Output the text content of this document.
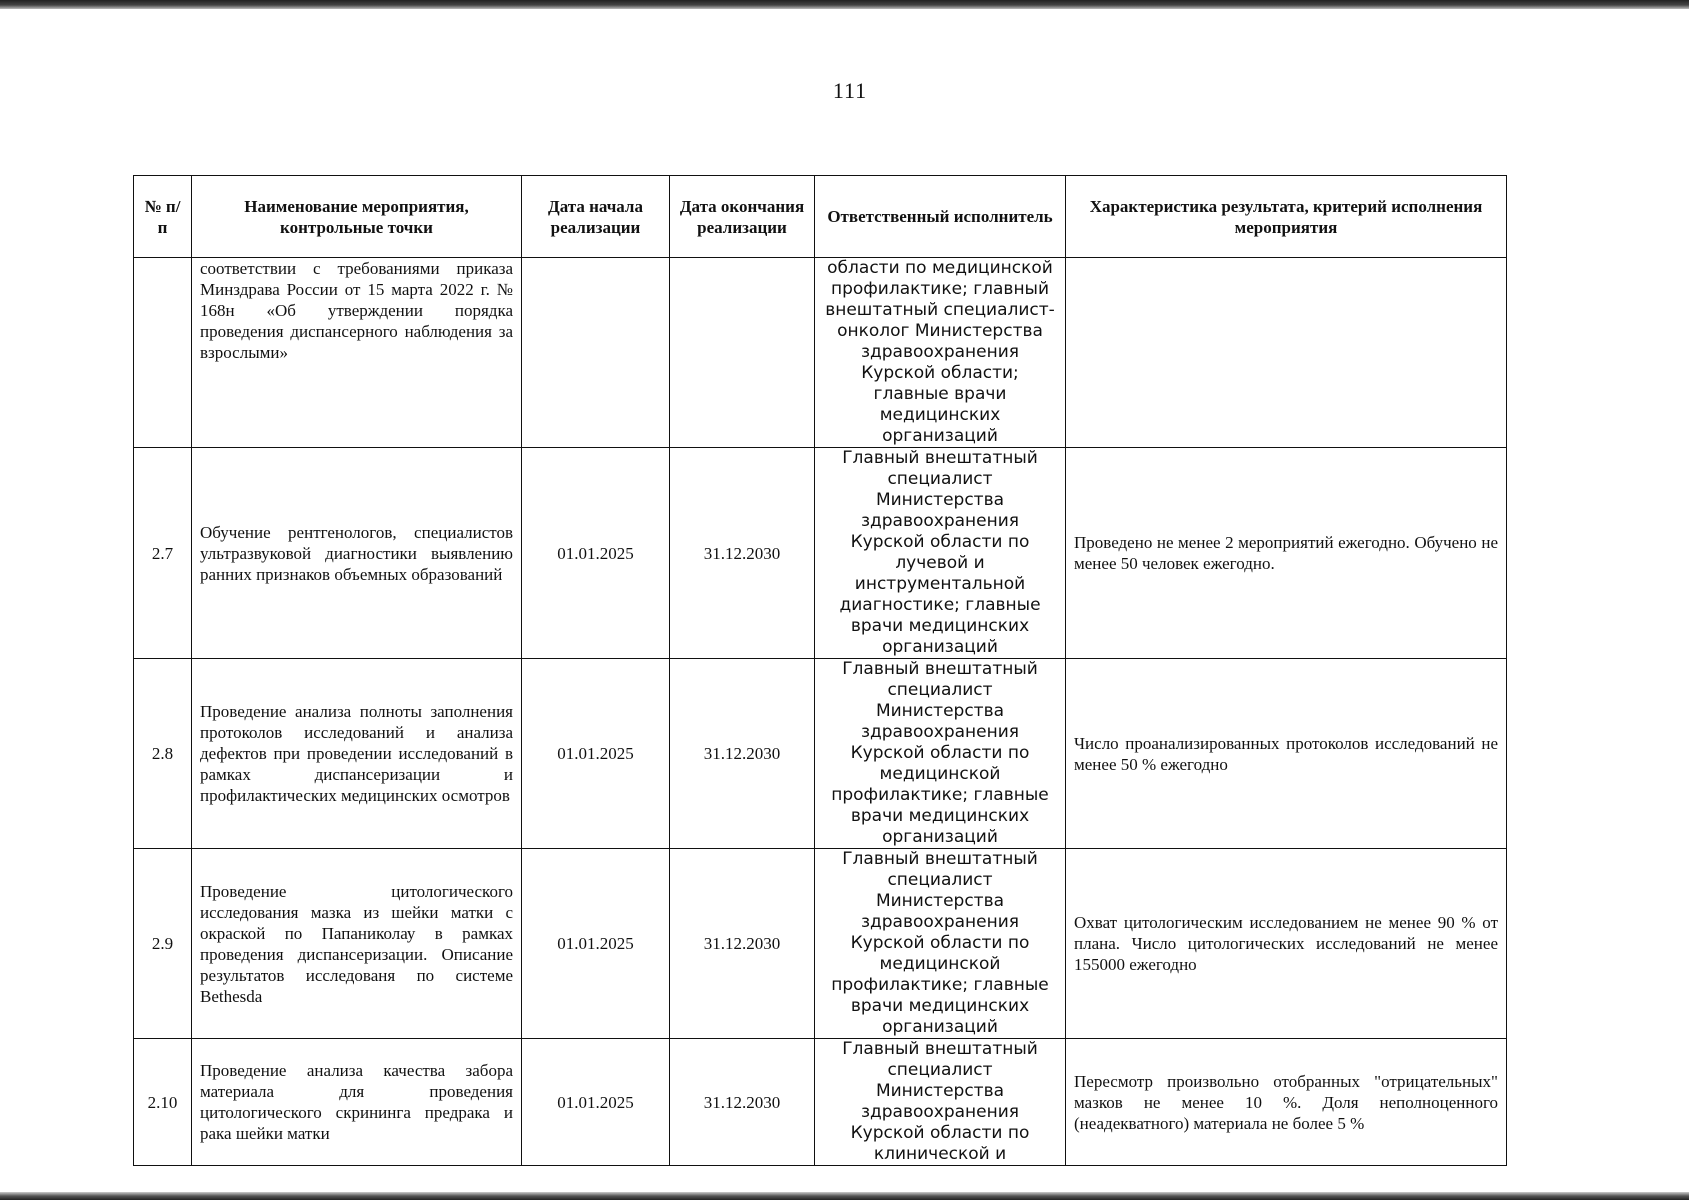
111
№ п/п	Наименование мероприятия, контрольные точки	Дата начала реализации	Дата окончания реализации	Ответственный исполнитель	Характеристика результата, критерий исполнения мероприятия
	соответствии с требованиями приказа Минздрава России от 15 марта 2022 г. № 168н «Об утверждении порядка проведения диспансерного наблюдения за взрослыми»			области по медицинской профилактике; главный внештатный специалист-онколог Министерства здравоохранения Курской области; главные врачи медицинских организаций	
2.7	Обучение рентгенологов, специалистов ультразвуковой диагностики выявлению ранних признаков объемных образований	01.01.2025	31.12.2030	Главный внештатный специалист Министерства здравоохранения Курской области по лучевой и инструментальной диагностике; главные врачи медицинских организаций	Проведено не менее 2 мероприятий ежегодно. Обучено не менее 50 человек ежегодно.
2.8	Проведение анализа полноты заполнения протоколов исследований и анализа дефектов при проведении исследований в рамках диспансеризации и профилактических медицинских осмотров	01.01.2025	31.12.2030	Главный внештатный специалист Министерства здравоохранения Курской области по медицинской профилактике; главные врачи медицинских организаций	Число проанализированных протоколов исследований не менее 50 % ежегодно
2.9	Проведение цитологического исследования мазка из шейки матки с окраской по Папаниколау в рамках проведения диспансеризации. Описание результатов исследованя по системе Bethesda	01.01.2025	31.12.2030	Главный внештатный специалист Министерства здравоохранения Курской области по медицинской профилактике; главные врачи медицинских организаций	Охват цитологическим исследованием не менее 90 % от плана. Число цитологических исследований не менее 155000 ежегодно
2.10	Проведение анализа качества забора материала для проведения цитологического скрининга предрака и рака шейки матки	01.01.2025	31.12.2030	Главный внештатный специалист Министерства здравоохранения Курской области по клинической и	Пересмотр произвольно отобранных "отрицательных" мазков не менее 10 %. Доля неполноценного (неадекватного) материала не более 5 %
